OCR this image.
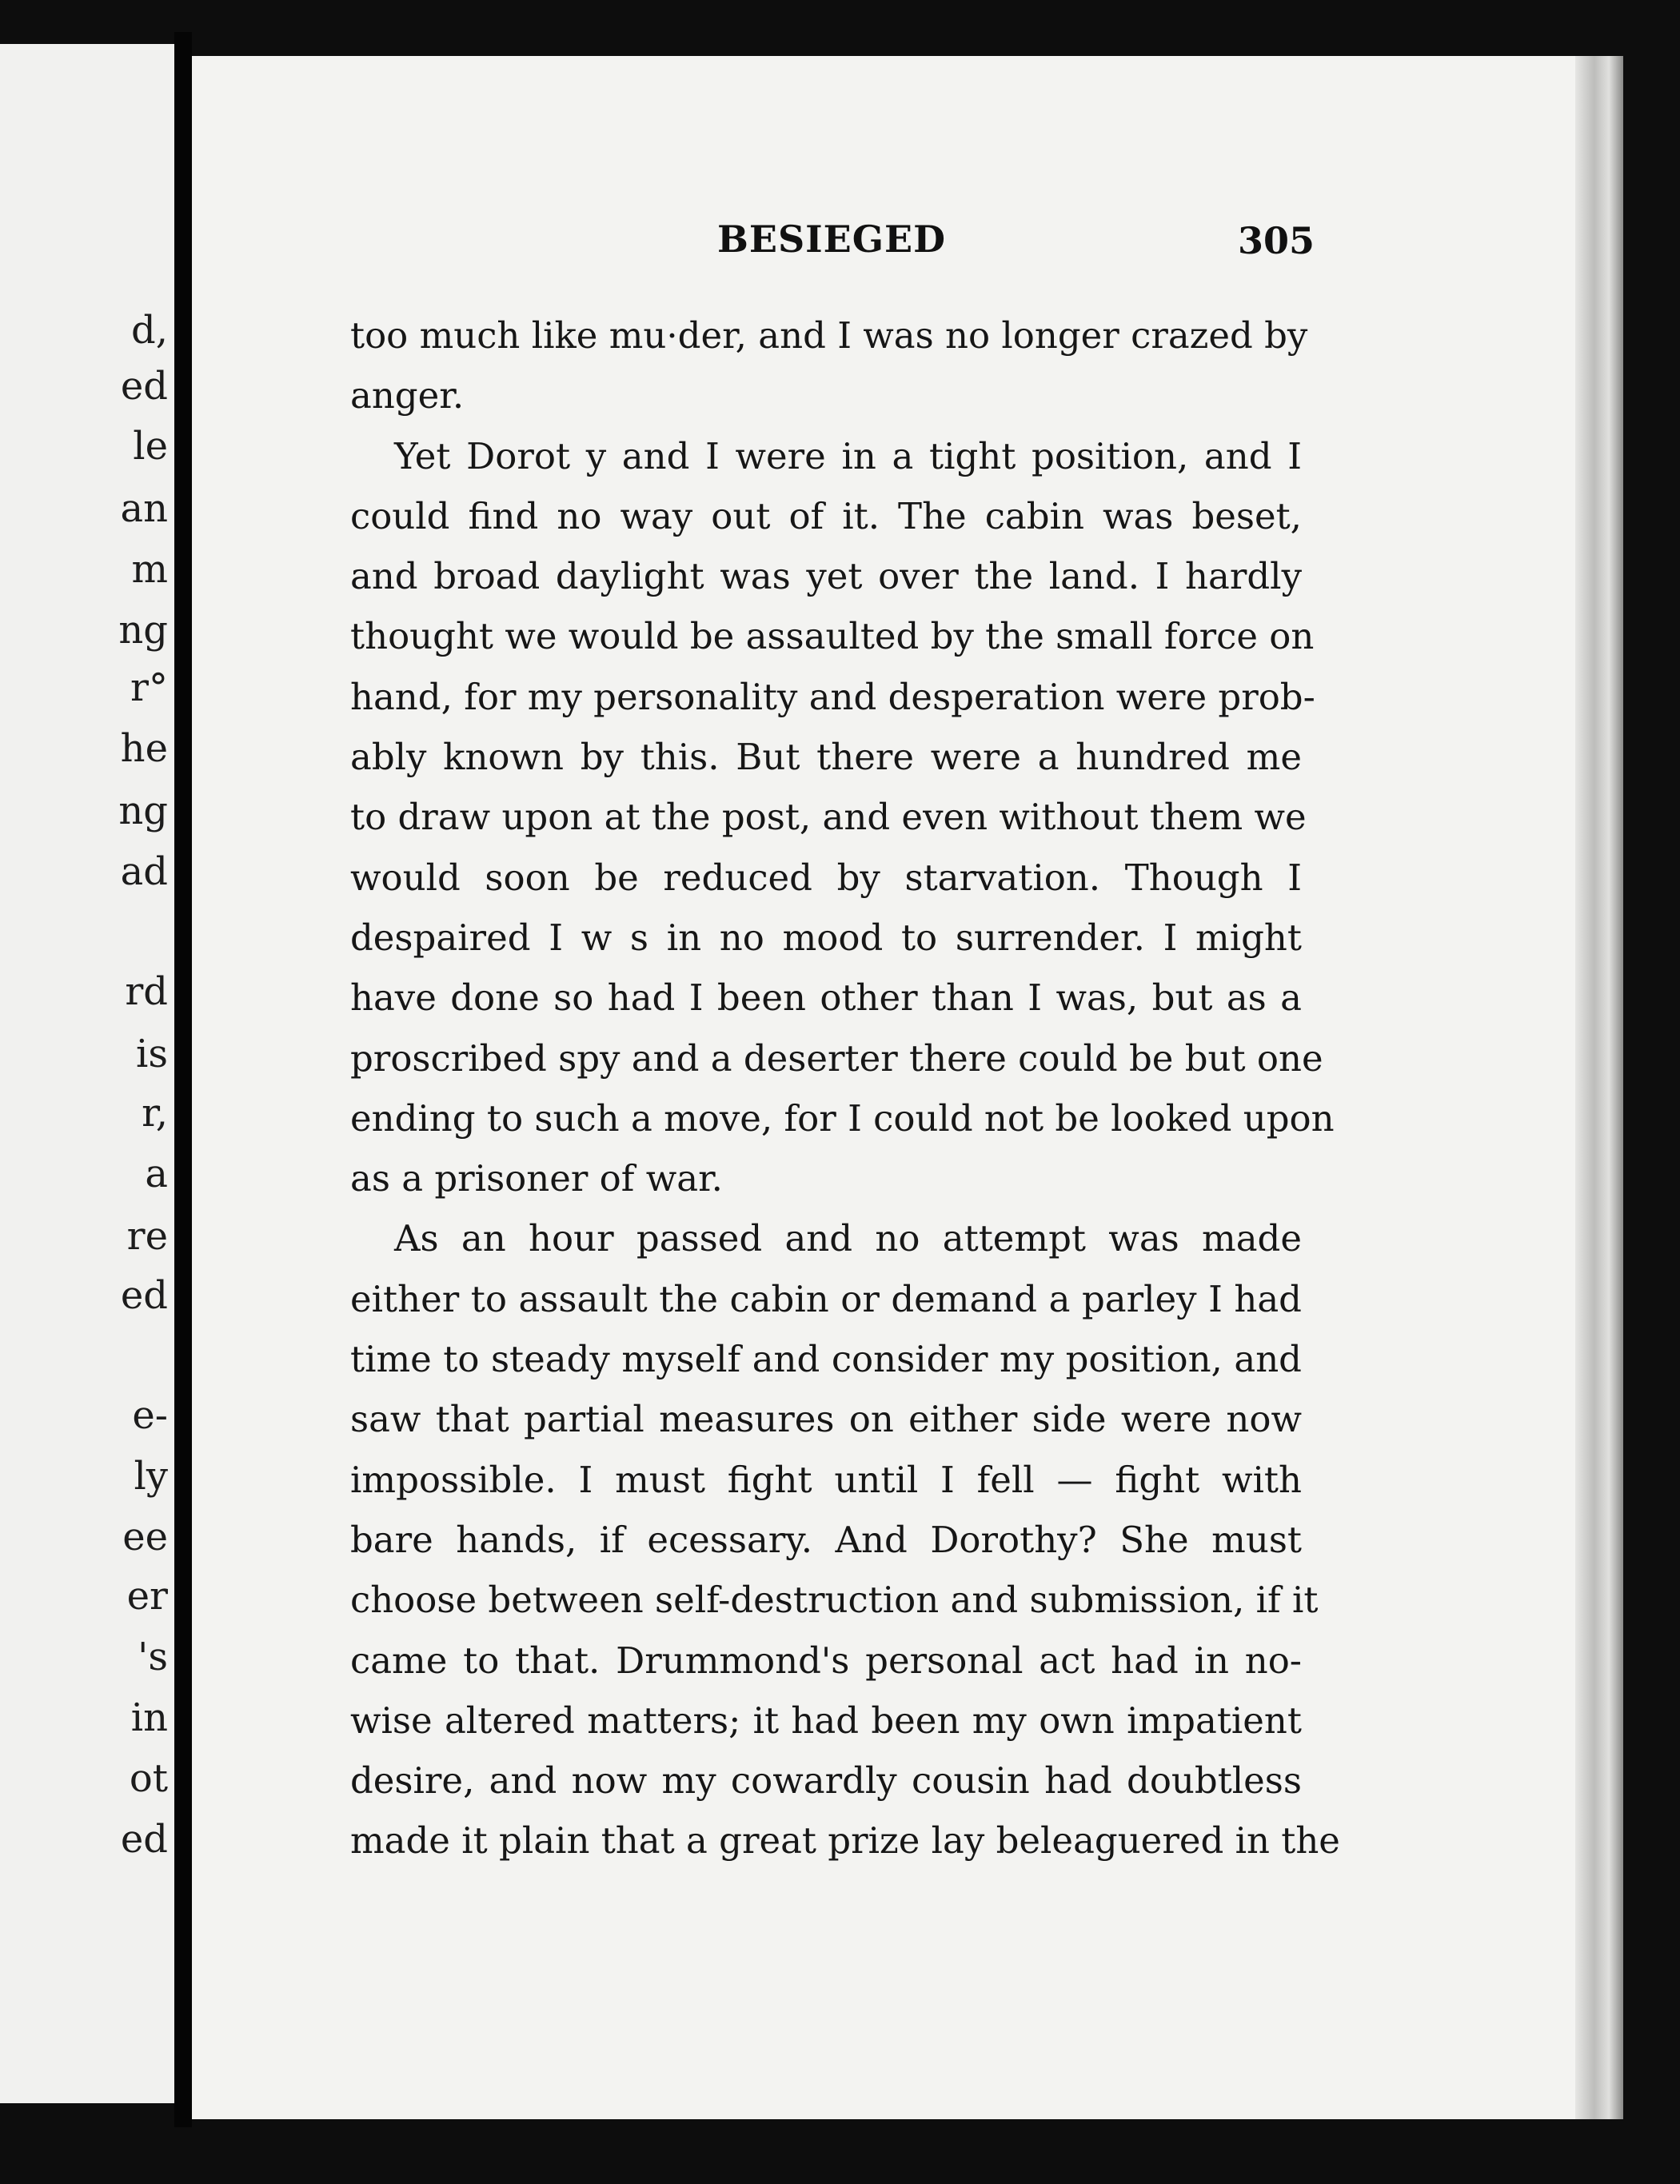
d,
ed
le
an
m
ng
r°
he
ng
ad
rd
is
r,
a
re
ed
e-
ly
ee
er
's
in
ot
ed
BESIEGED	305
too much like mu·der, and I was no longer crazed by
anger.
Yet Dorot y and I were in a tight position, and I
could find no way out of it. The cabin was beset,
and broad daylight was yet over the land. I hardly
thought we would be assaulted by the small force on
hand, for my personality and desperation were prob-
ably known by this. But there were a hundred me
to draw upon at the post, and even without them we
would soon be reduced by starvation. Though I
despaired I w s in no mood to surrender. I might
have done so had I been other than I was, but as a
proscribed spy and a deserter there could be but one
ending to such a move, for I could not be looked upon
as a prisoner of war.
As an hour passed and no attempt was made
either to assault the cabin or demand a parley I had
time to steady myself and consider my position, and
saw that partial measures on either side were now
impossible. I must fight until I fell — fight with
bare hands, if ecessary. And Dorothy? She must
choose between self-destruction and submission, if it
came to that. Drummond's personal act had in no-
wise altered matters; it had been my own impatient
desire, and now my cowardly cousin had doubtless
made it plain that a great prize lay beleaguered in the
